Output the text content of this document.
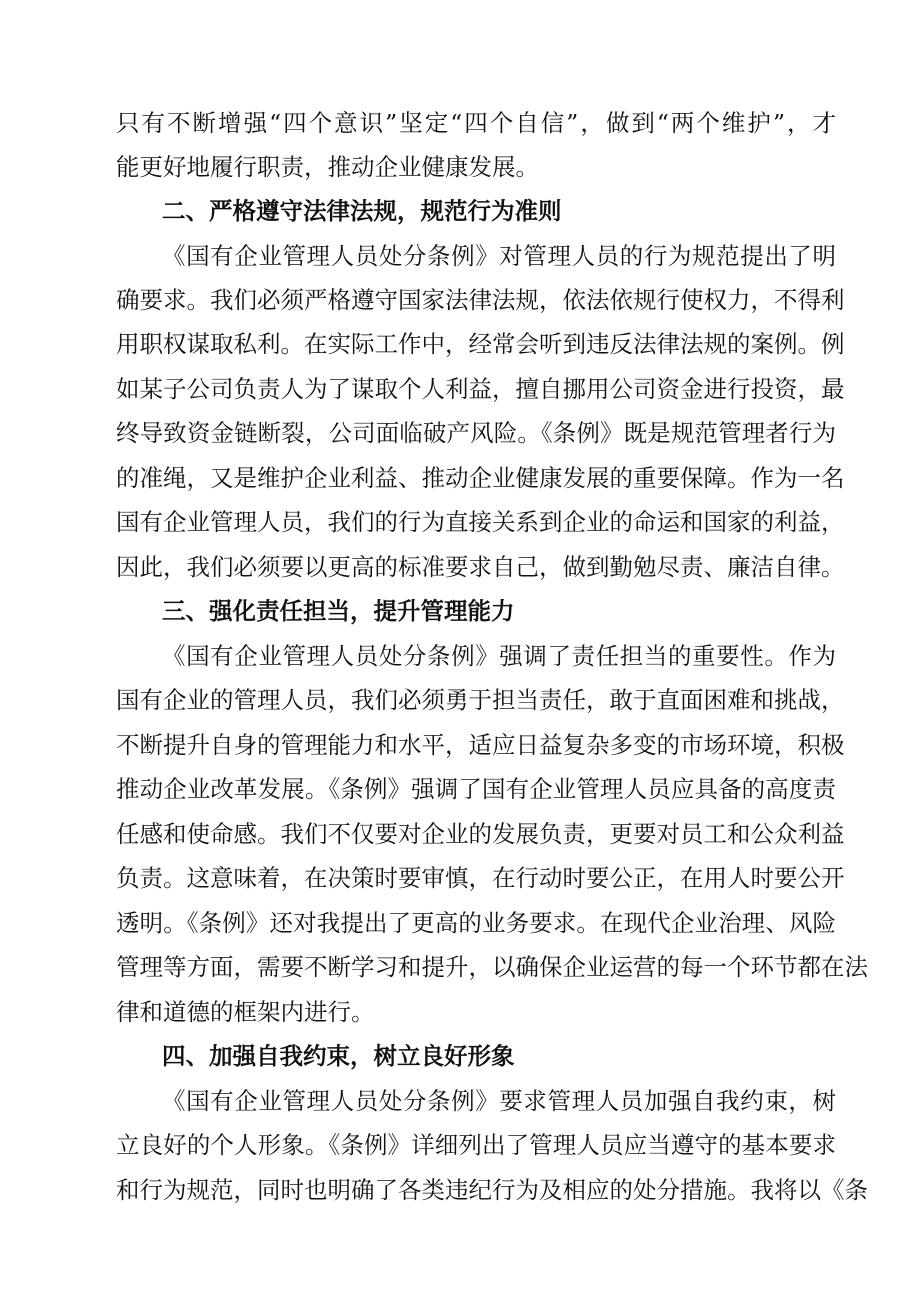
只有不断增强“四个意识”坚定“四个自信”，做到“两个维护”，才
能更好地履行职责，推动企业健康发展。
二、严格遵守法律法规，规范行为准则
《国有企业管理人员处分条例》对管理人员的行为规范提出了明
确要求。我们必须严格遵守国家法律法规，依法依规行使权力，不得利
用职权谋取私利。在实际工作中，经常会听到违反法律法规的案例。例
如某子公司负责人为了谋取个人利益，擅自挪用公司资金进行投资，最
终导致资金链断裂，公司面临破产风险。《条例》既是规范管理者行为
的准绳，又是维护企业利益、推动企业健康发展的重要保障。作为一名
国有企业管理人员，我们的行为直接关系到企业的命运和国家的利益，
因此，我们必须要以更高的标准要求自己，做到勤勉尽责、廉洁自律。
三、强化责任担当，提升管理能力
《国有企业管理人员处分条例》强调了责任担当的重要性。作为
国有企业的管理人员，我们必须勇于担当责任，敢于直面困难和挑战，
不断提升自身的管理能力和水平，适应日益复杂多变的市场环境，积极
推动企业改革发展。《条例》强调了国有企业管理人员应具备的高度责
任感和使命感。我们不仅要对企业的发展负责，更要对员工和公众利益
负责。这意味着，在决策时要审慎，在行动时要公正，在用人时要公开
透明。《条例》还对我提出了更高的业务要求。在现代企业治理、风险
管理等方面，需要不断学习和提升，以确保企业运营的每一个环节都在法
律和道德的框架内进行。
四、加强自我约束，树立良好形象
《国有企业管理人员处分条例》要求管理人员加强自我约束，树
立良好的个人形象。《条例》详细列出了管理人员应当遵守的基本要求
和行为规范，同时也明确了各类违纪行为及相应的处分措施。我将以《条
